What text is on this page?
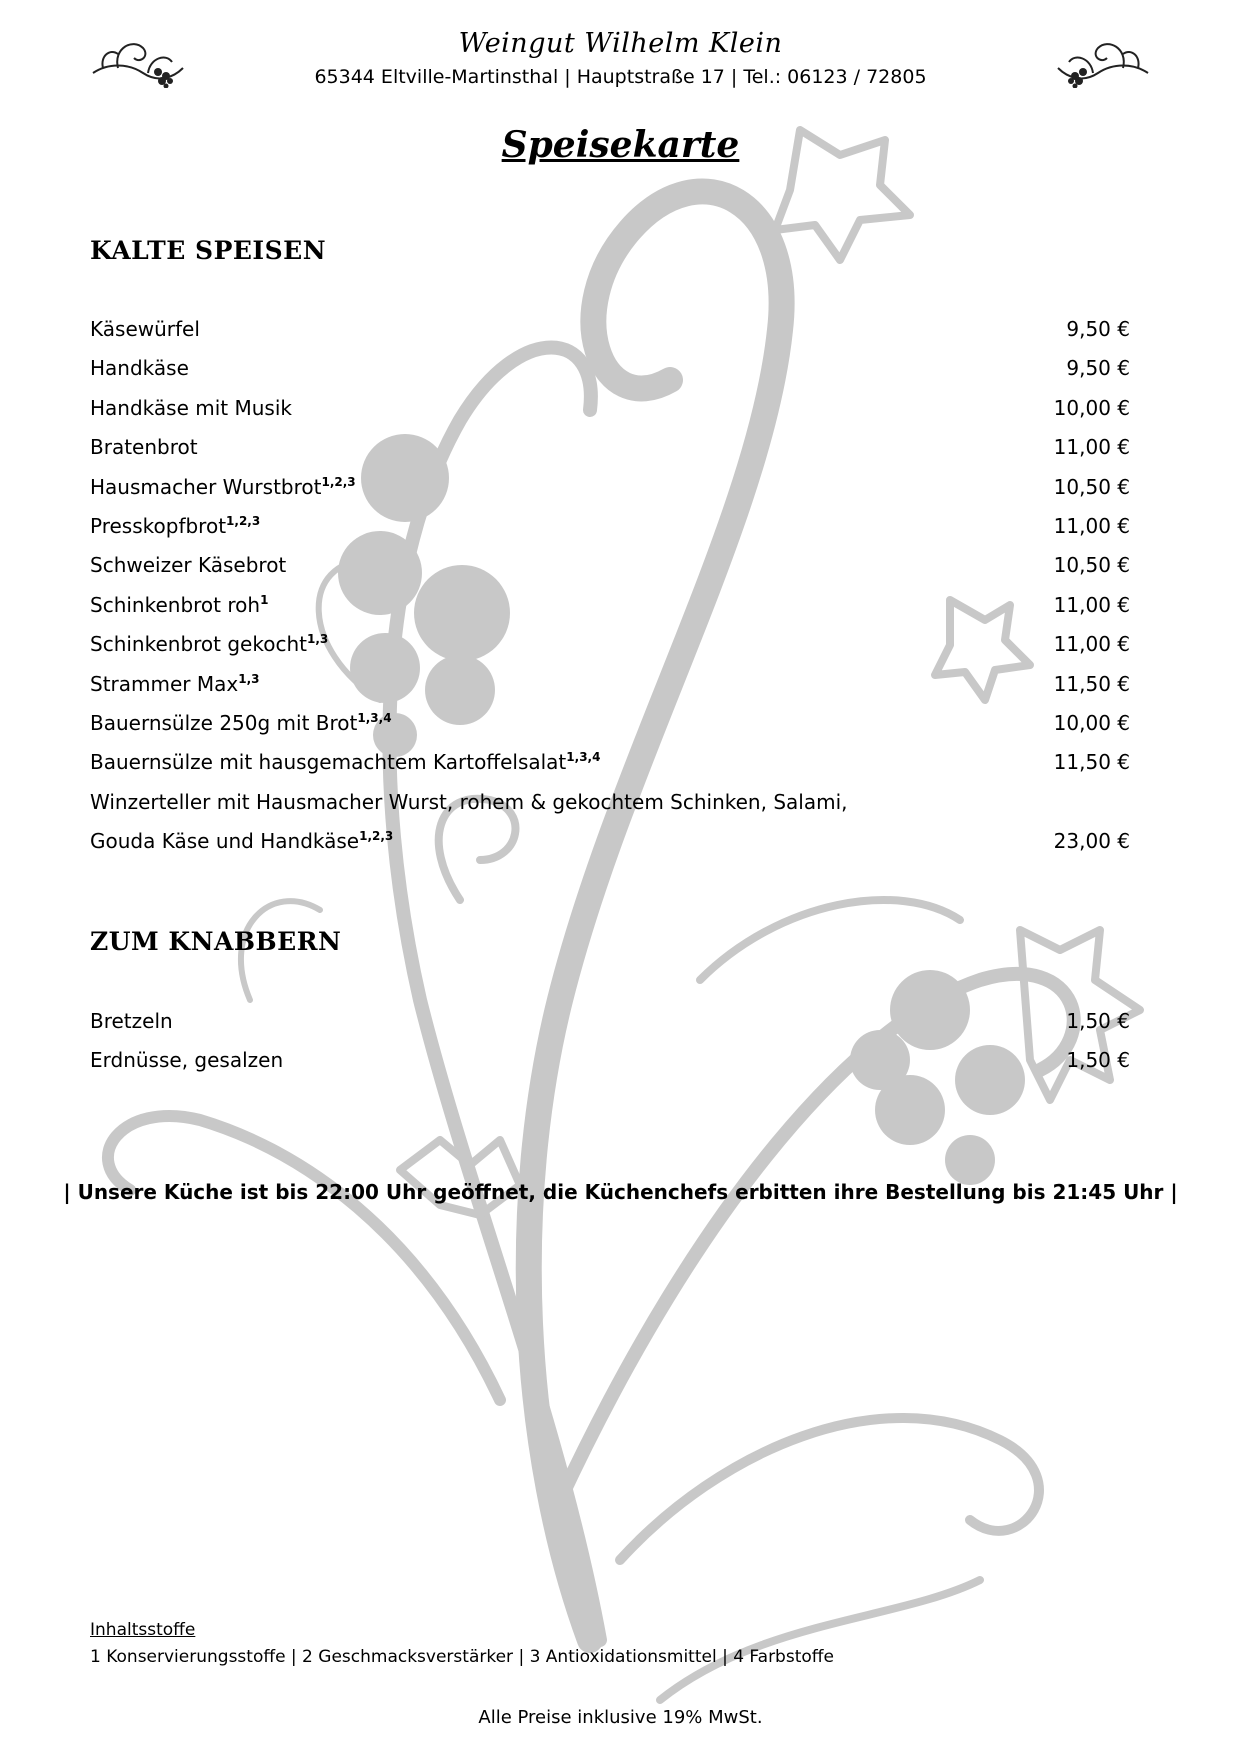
Weingut Wilhelm Klein
65344 Eltville-Martinsthal | Hauptstraße 17 | Tel.: 06123 / 72805
Speisekarte
KALTE SPEISEN
Käsewürfel	9,50 €
Handkäse	9,50 €
Handkäse mit Musik	10,00 €
Bratenbrot	11,00 €
Hausmacher Wurstbrot$^{1,2,3}$	10,50 €
Presskopfbrot$^{1,2,3}$	11,00 €
Schweizer Käsebrot	10,50 €
Schinkenbrot roh$^1$	11,00 €
Schinkenbrot gekocht$^{1,3}$	11,00 €
Strammer Max$^{1,3}$	11,50 €
Bauernsülze 250g mit Brot$^{1,3,4}$	10,00 €
Bauernsülze mit hausgemachtem Kartoffelsalat$^{1,3,4}$	11,50 €
Winzerteller mit Hausmacher Wurst, rohem & gekochtem Schinken, Salami,
Gouda Käse und Handkäse$^{1,2,3}$	23,00 €
ZUM KNABBERN
Bretzeln	1,50 €
Erdnüsse, gesalzen	1,50 €
| Unsere Küche ist bis 22:00 Uhr geöffnet, die Küchenchefs erbitten ihre Bestellung bis 21:45 Uhr |
Inhaltsstoffe
1 Konservierungsstoffe | 2 Geschmacksverstärker | 3 Antioxidationsmittel | 4 Farbstoffe
Alle Preise inklusive 19% MwSt.
